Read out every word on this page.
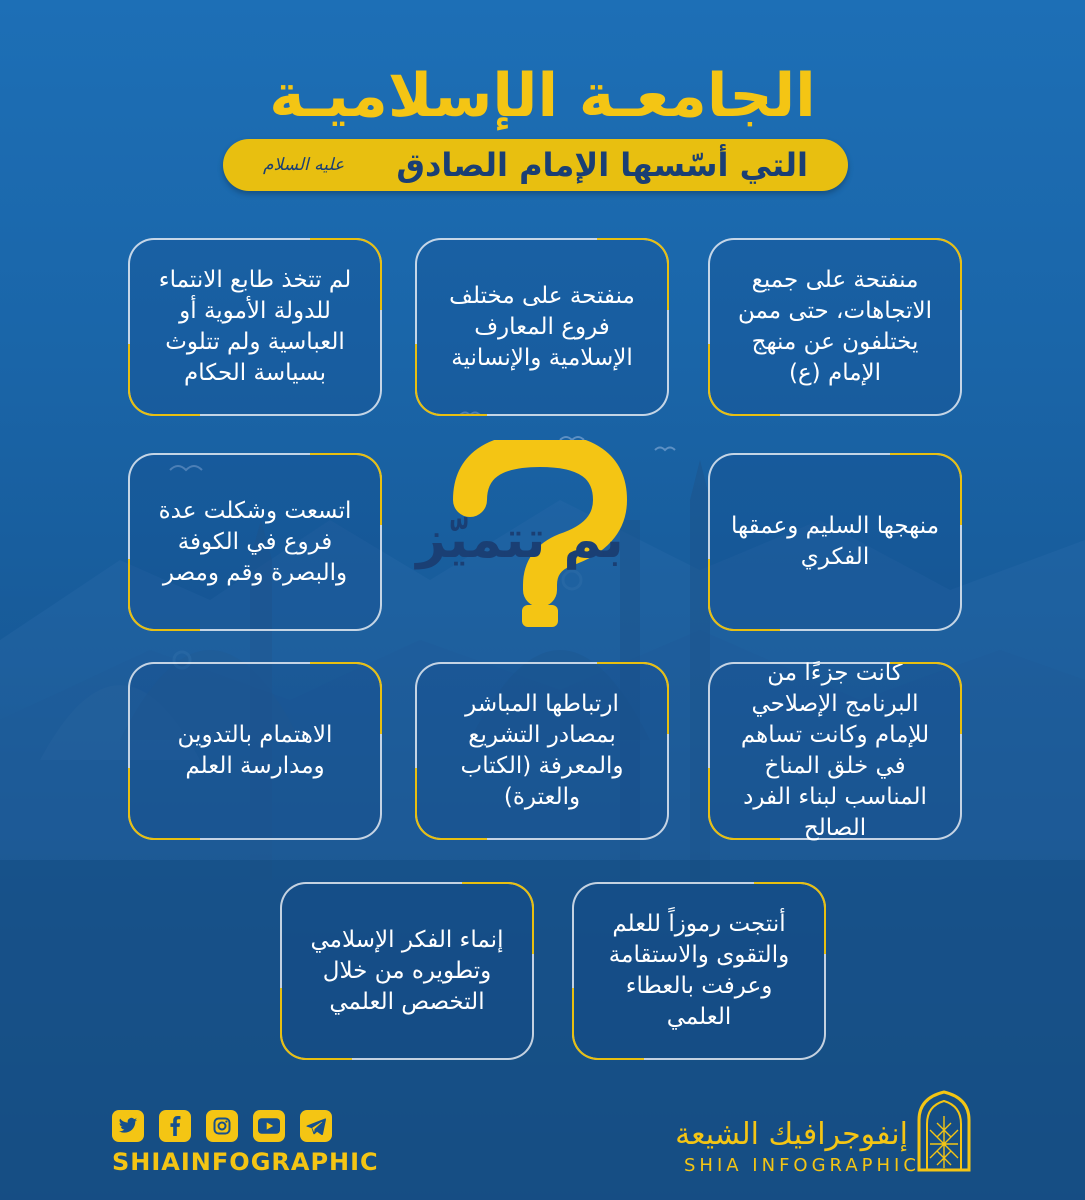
الجامعـة الإسلاميـة
التي أسّسها الإمام الصادق
عليه السلام
منفتحة على جميع الاتجاهات، حتى ممن يختلفون عن منهج الإمام (ع)
منفتحة على مختلف فروع المعارف الإسلامية والإنسانية
لم تتخذ طابع الانتماء للدولة الأموية أو العباسية ولم تتلوث بسياسة الحكام
منهجها السليم وعمقها الفكري
اتسعت وشكلت عدة فروع في الكوفة والبصرة وقم ومصر
بم تتميّز
كانت جزءًا من البرنامج الإصلاحي للإمام وكانت تساهم في خلق المناخ المناسب لبناء الفرد الصالح
ارتباطها المباشر بمصادر التشريع والمعرفة (الكتاب والعترة)
الاهتمام بالتدوين ومدارسة العلم
أنتجت رموزاً للعلم والتقوى والاستقامة وعرفت بالعطاء العلمي
إنماء الفكر الإسلامي وتطويره من خلال التخصص العلمي
SHIAINFOGRAPHIC
إنفوجرافيك الشيعة
SHIA INFOGRAPHIC
